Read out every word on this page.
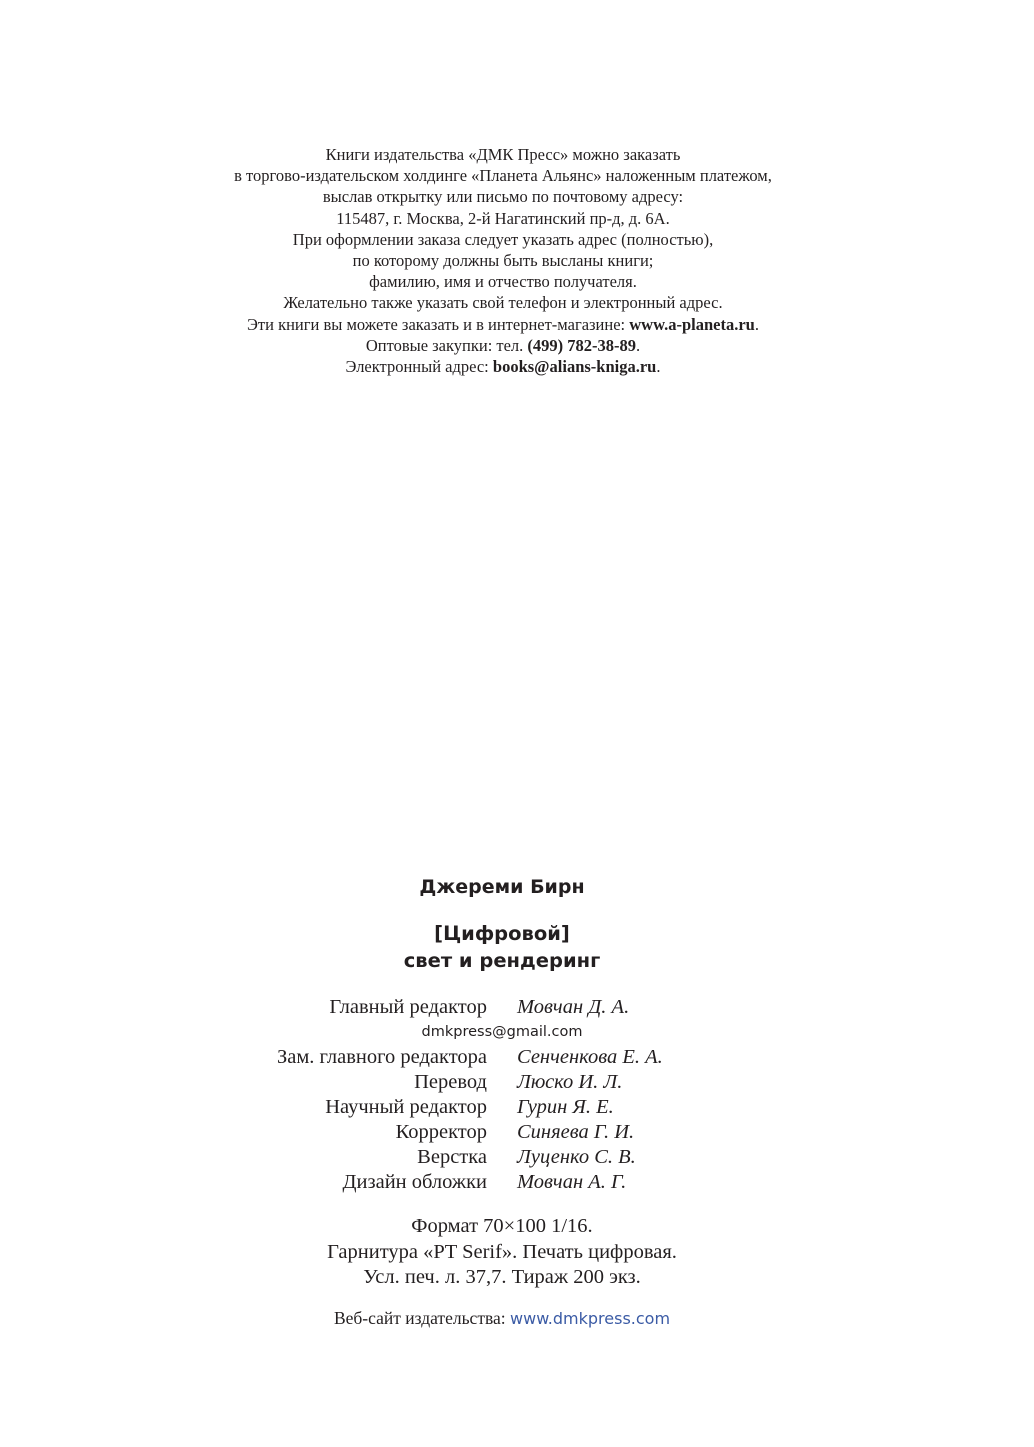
Книги издательства «ДМК Пресс» можно заказать
в торгово-издательском холдинге «Планета Альянс» наложенным платежом,
выслав открытку или письмо по почтовому адресу:
115487, г. Москва, 2-й Нагатинский пр-д, д. 6А.
При оформлении заказа следует указать адрес (полностью),
по которому должны быть высланы книги;
фамилию, имя и отчество получателя.
Желательно также указать свой телефон и электронный адрес.
Эти книги вы можете заказать и в интернет-магазине: www.a-planeta.ru.
Оптовые закупки: тел. (499) 782-38-89.
Электронный адрес: books@alians-kniga.ru.
Джереми Бирн
[Цифровой]
свет и рендеринг
Главный редактор Мовчан Д. А.
dmkpress@gmail.com
Зам. главного редактора Сенченкова Е. А.
Перевод Люско И. Л.
Научный редактор Гурин Я. Е.
Корректор Синяева Г. И.
Верстка Луценко С. В.
Дизайн обложки Мовчан А. Г.
Формат 70×100 1/16.
Гарнитура «PT Serif». Печать цифровая.
Усл. печ. л. 37,7. Тираж 200 экз.
Веб-сайт издательства: www.dmkpress.com
